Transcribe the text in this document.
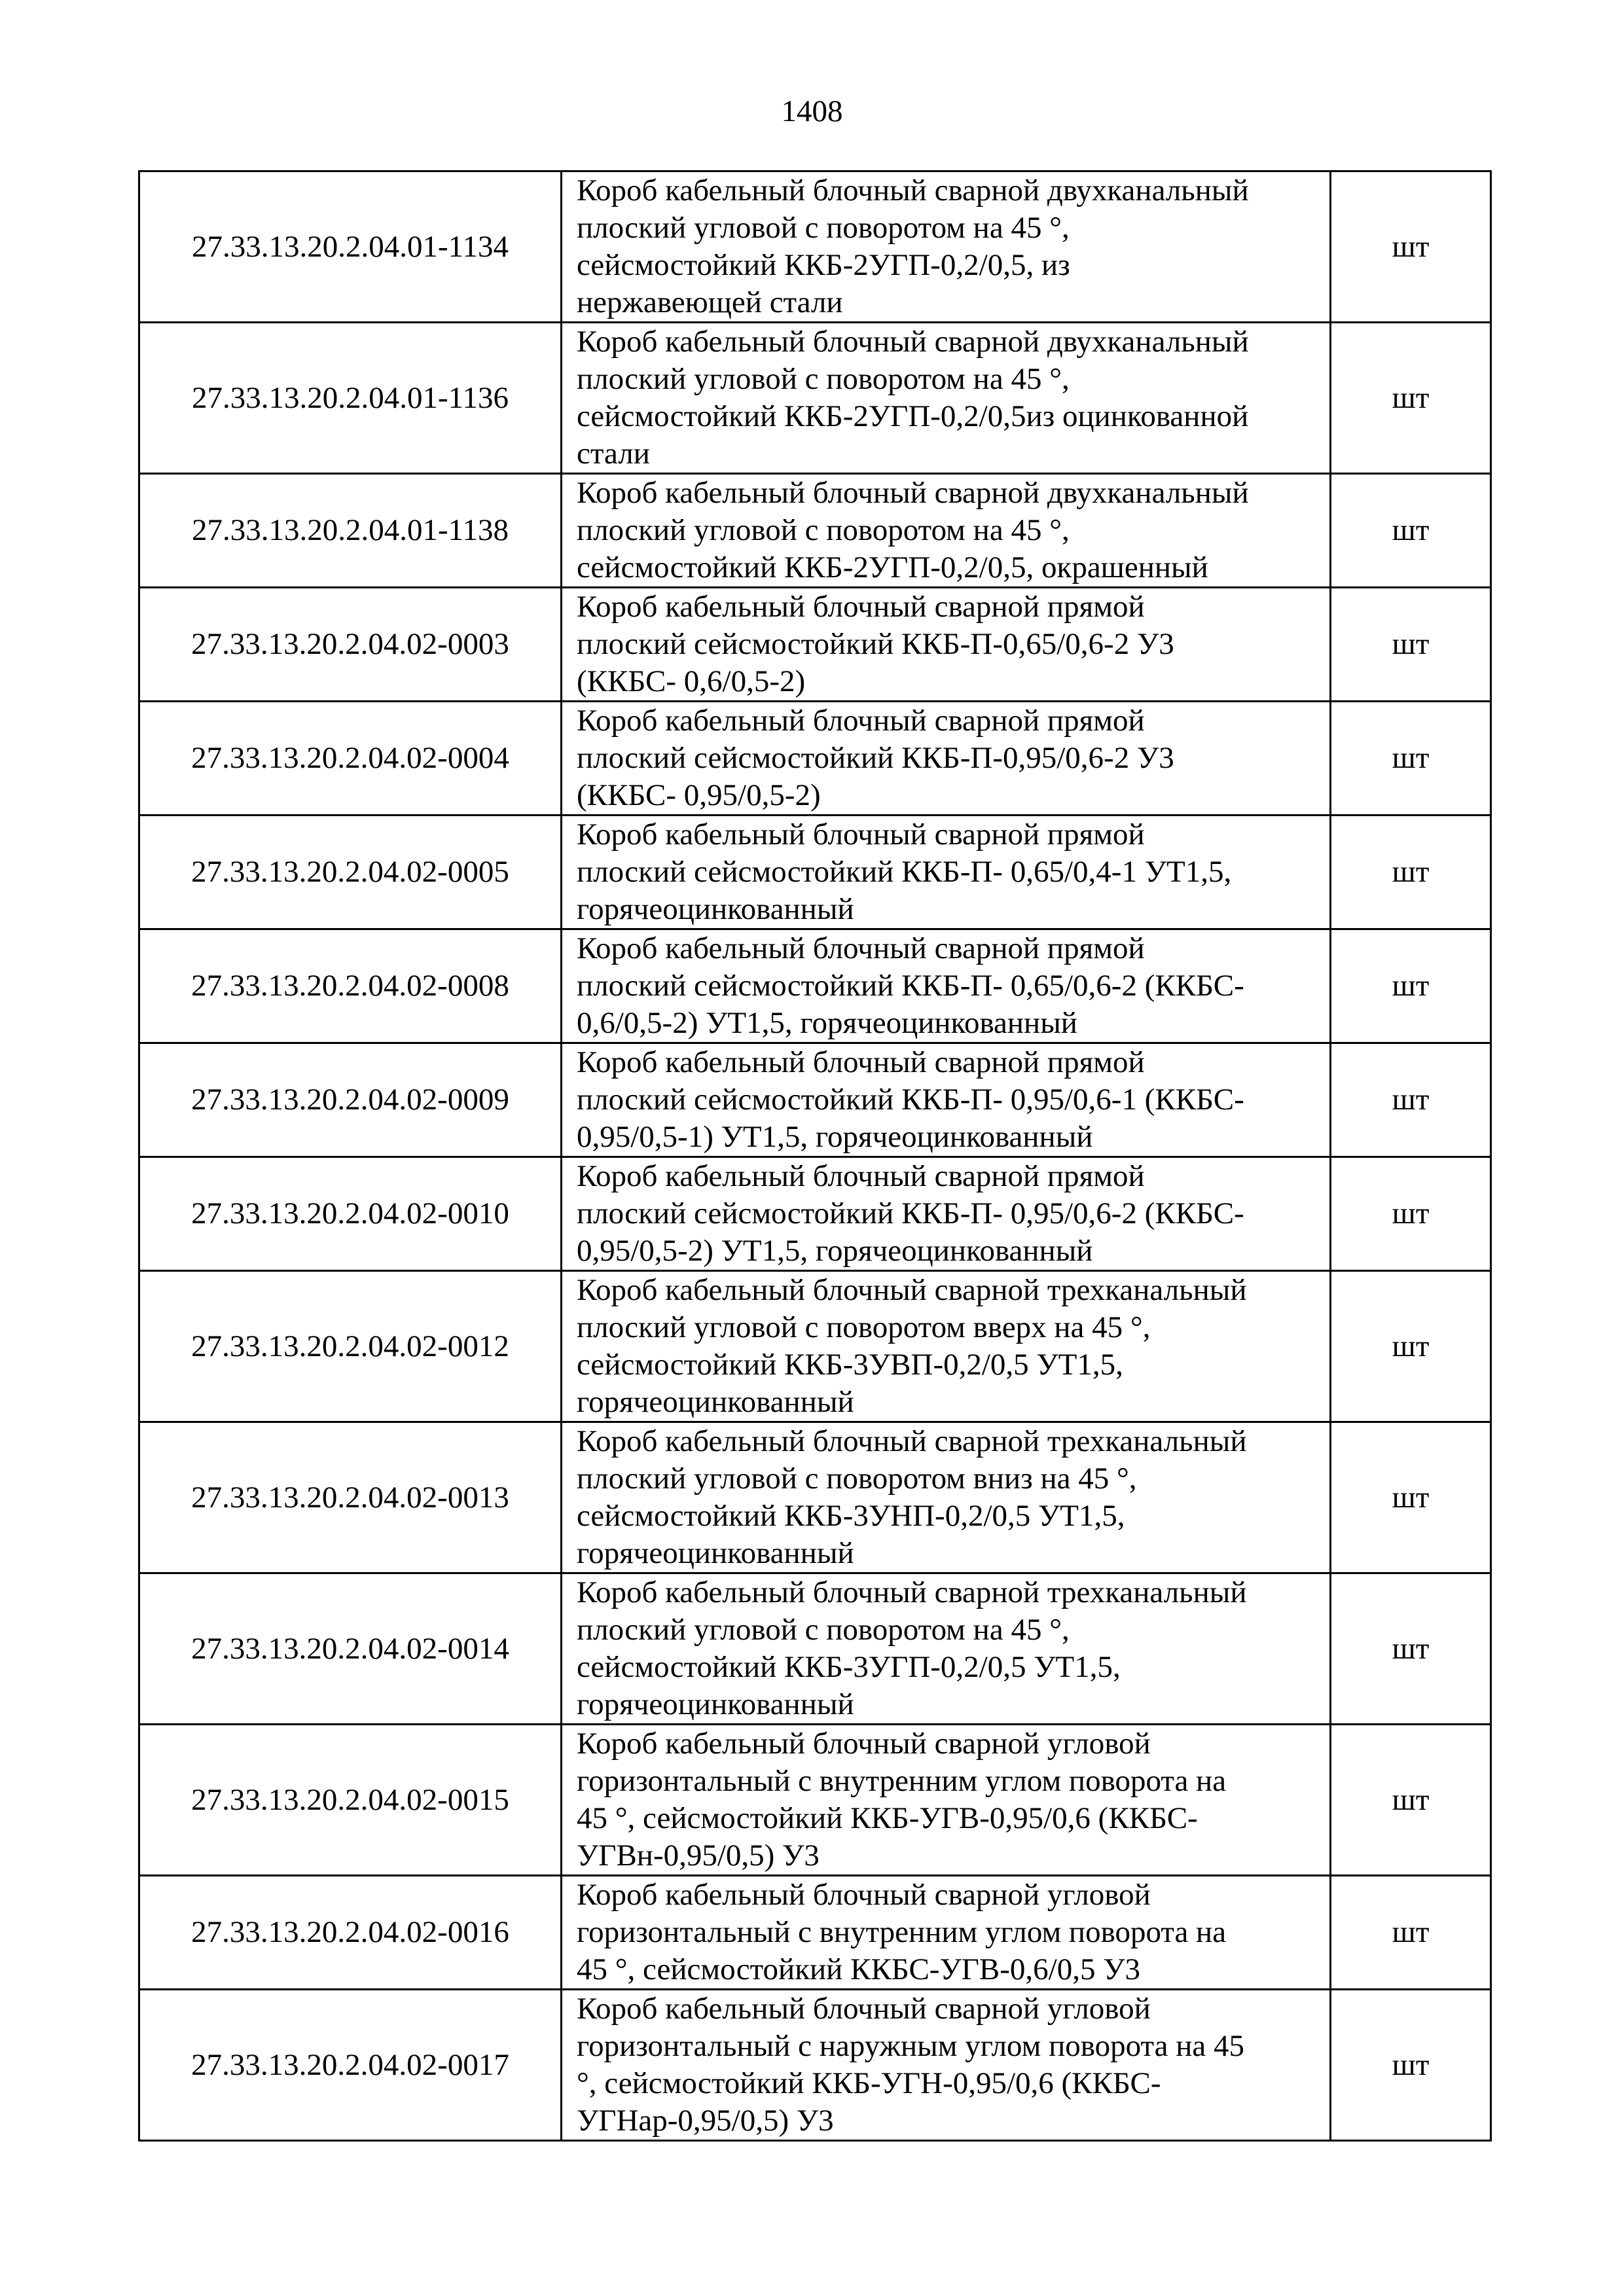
1408
27.33.13.20.2.04.01-1134	Короб кабельный блочный сварной двухканальный
плоский угловой с поворотом на 45 °,
сейсмостойкий ККБ-2УГП-0,2/0,5, из
нержавеющей стали	шт
27.33.13.20.2.04.01-1136	Короб кабельный блочный сварной двухканальный
плоский угловой с поворотом на 45 °,
сейсмостойкий ККБ-2УГП-0,2/0,5из оцинкованной
стали	шт
27.33.13.20.2.04.01-1138	Короб кабельный блочный сварной двухканальный
плоский угловой с поворотом на 45 °,
сейсмостойкий ККБ-2УГП-0,2/0,5, окрашенный	шт
27.33.13.20.2.04.02-0003	Короб кабельный блочный сварной прямой
плоский сейсмостойкий ККБ-П-0,65/0,6-2 У3
(ККБС- 0,6/0,5-2)	шт
27.33.13.20.2.04.02-0004	Короб кабельный блочный сварной прямой
плоский сейсмостойкий ККБ-П-0,95/0,6-2 У3
(ККБС- 0,95/0,5-2)	шт
27.33.13.20.2.04.02-0005	Короб кабельный блочный сварной прямой
плоский сейсмостойкий ККБ-П- 0,65/0,4-1 УТ1,5,
горячеоцинкованный	шт
27.33.13.20.2.04.02-0008	Короб кабельный блочный сварной прямой
плоский сейсмостойкий ККБ-П- 0,65/0,6-2 (ККБС-
0,6/0,5-2) УТ1,5, горячеоцинкованный	шт
27.33.13.20.2.04.02-0009	Короб кабельный блочный сварной прямой
плоский сейсмостойкий ККБ-П- 0,95/0,6-1 (ККБС-
0,95/0,5-1) УТ1,5, горячеоцинкованный	шт
27.33.13.20.2.04.02-0010	Короб кабельный блочный сварной прямой
плоский сейсмостойкий ККБ-П- 0,95/0,6-2 (ККБС-
0,95/0,5-2) УТ1,5, горячеоцинкованный	шт
27.33.13.20.2.04.02-0012	Короб кабельный блочный сварной трехканальный
плоский угловой с поворотом вверх на 45 °,
сейсмостойкий ККБ-3УВП-0,2/0,5 УТ1,5,
горячеоцинкованный	шт
27.33.13.20.2.04.02-0013	Короб кабельный блочный сварной трехканальный
плоский угловой с поворотом вниз на 45 °,
сейсмостойкий ККБ-3УНП-0,2/0,5 УТ1,5,
горячеоцинкованный	шт
27.33.13.20.2.04.02-0014	Короб кабельный блочный сварной трехканальный
плоский угловой с поворотом на 45 °,
сейсмостойкий ККБ-3УГП-0,2/0,5 УТ1,5,
горячеоцинкованный	шт
27.33.13.20.2.04.02-0015	Короб кабельный блочный сварной угловой
горизонтальный с внутренним углом поворота на
45 °, сейсмостойкий ККБ-УГВ-0,95/0,6 (ККБС-
УГВн-0,95/0,5) У3	шт
27.33.13.20.2.04.02-0016	Короб кабельный блочный сварной угловой
горизонтальный с внутренним углом поворота на
45 °, сейсмостойкий ККБС-УГВ-0,6/0,5 У3	шт
27.33.13.20.2.04.02-0017	Короб кабельный блочный сварной угловой
горизонтальный с наружным углом поворота на 45
°, сейсмостойкий ККБ-УГН-0,95/0,6 (ККБС-
УГНар-0,95/0,5) У3	шт
